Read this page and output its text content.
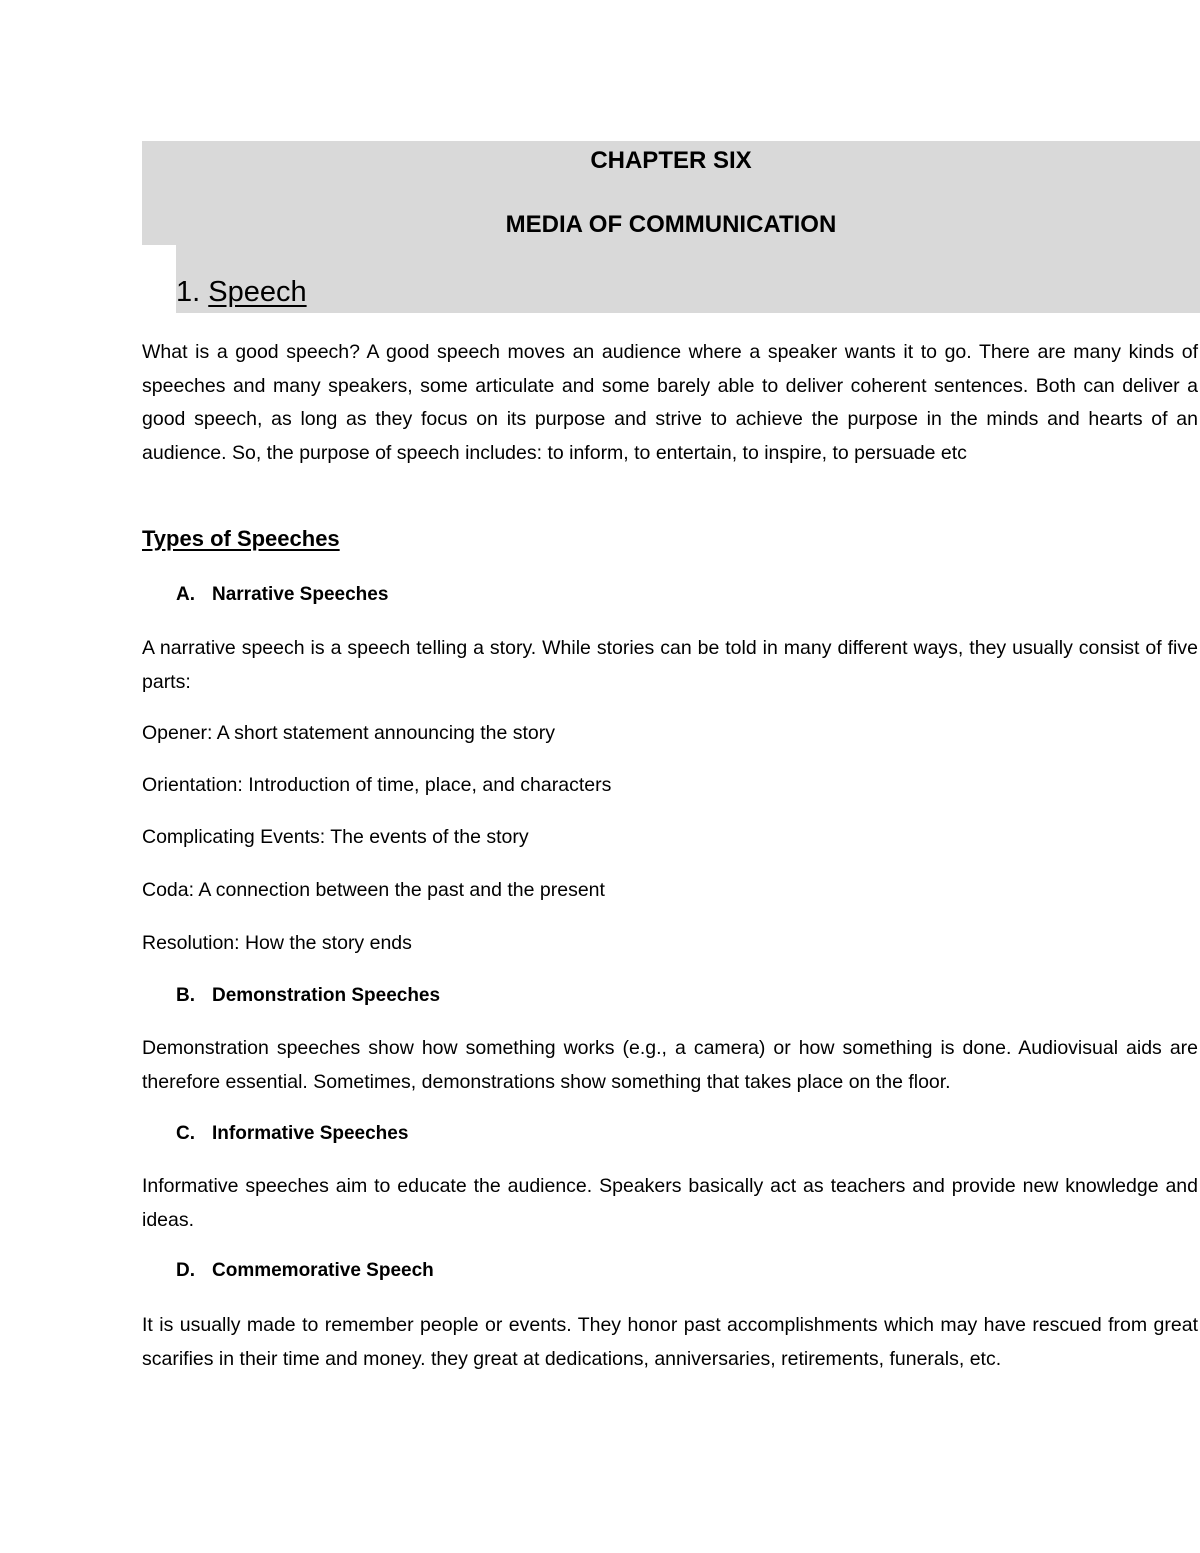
CHAPTER SIX
MEDIA OF COMMUNICATION
1. Speech

What is a good speech? A good speech moves an audience where a speaker wants it to go. There are many kinds of speeches and many speakers, some articulate and some barely able to deliver coherent sentences. Both can deliver a good speech, as long as they focus on its purpose and strive to achieve the purpose in the minds and hearts of an audience. So, the purpose of speech includes: to inform, to entertain, to inspire, to persuade etc

Types of Speeches
A. Narrative Speeches

A narrative speech is a speech telling a story. While stories can be told in many different ways, they usually consist of five parts:

Opener: A short statement announcing the story

Orientation: Introduction of time, place, and characters

Complicating Events: The events of the story

Coda: A connection between the past and the present

Resolution: How the story ends

B. Demonstration Speeches

Demonstration speeches show how something works (e.g., a camera) or how something is done. Audiovisual aids are therefore essential. Sometimes, demonstrations show something that takes place on the floor.

C. Informative Speeches

Informative speeches aim to educate the audience. Speakers basically act as teachers and provide new knowledge and ideas.

D. Commemorative Speech

It is usually made to remember people or events. They honor past accomplishments which may have rescued from great scarifies in their time and money. they great at dedications, anniversaries, retirements, funerals, etc.
